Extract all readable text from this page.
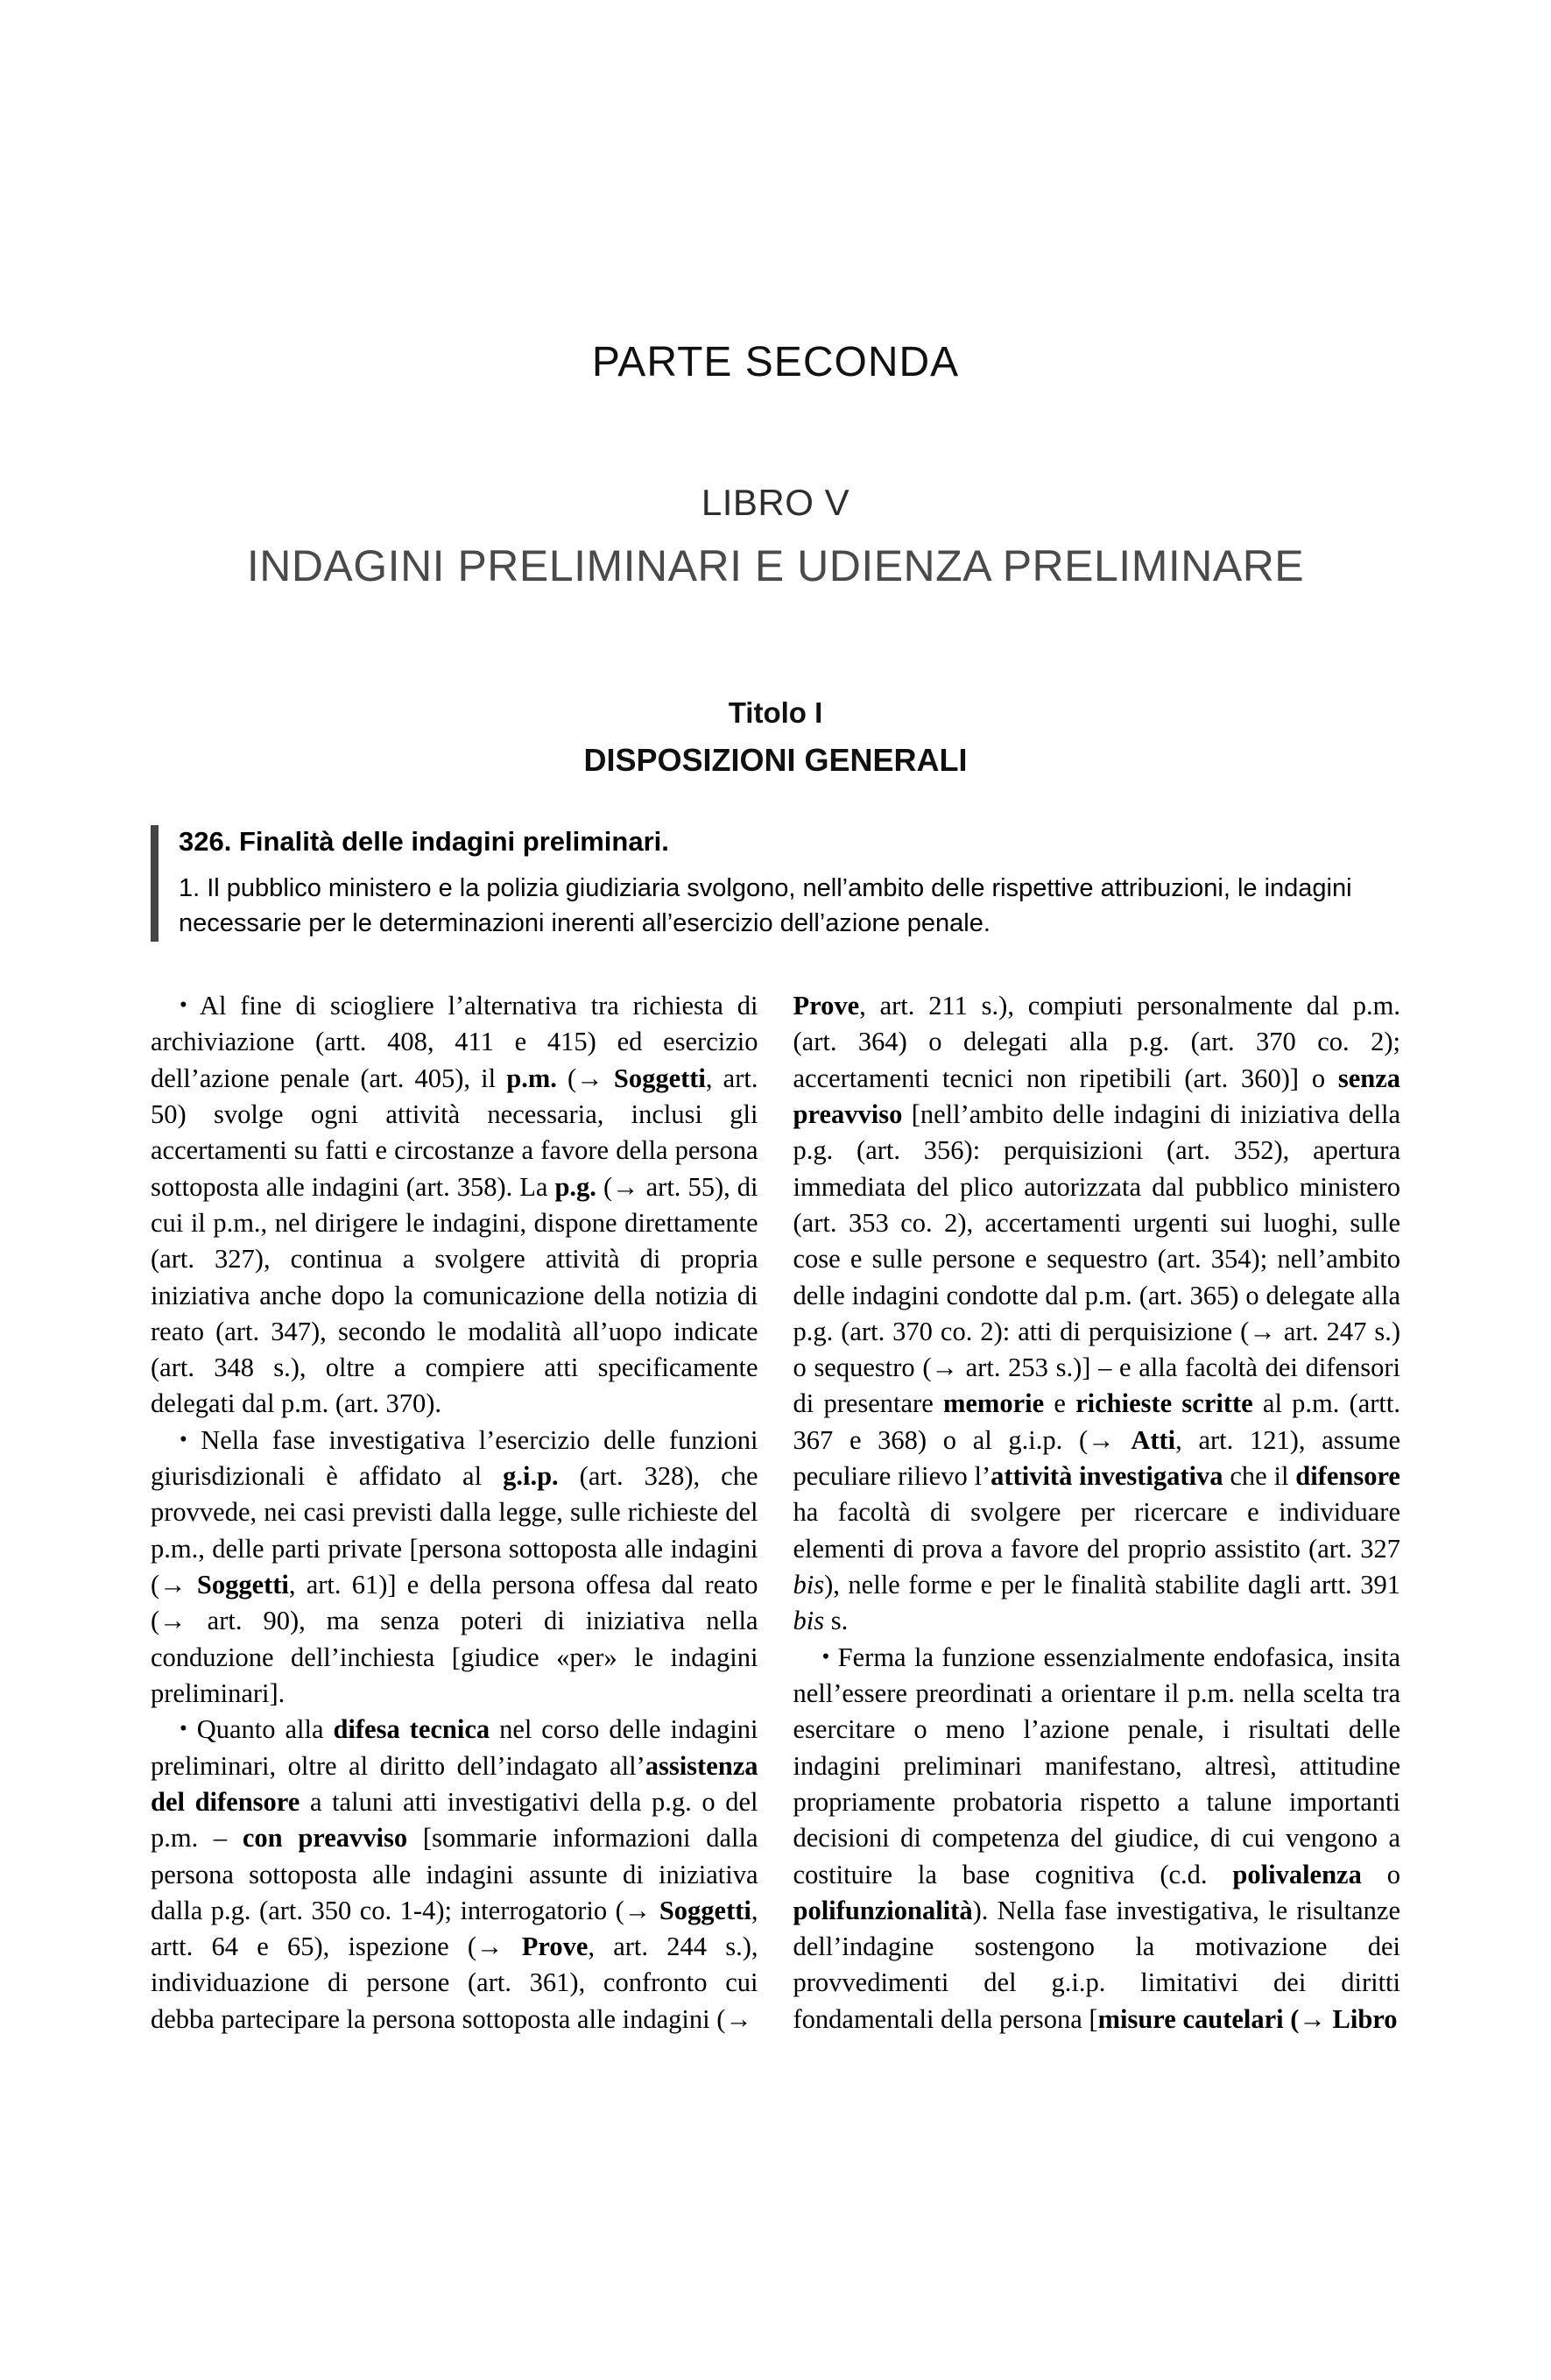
PARTE SECONDA
LIBRO V
INDAGINI PRELIMINARI E UDIENZA PRELIMINARE
Titolo I
DISPOSIZIONI GENERALI
326. Finalità delle indagini preliminari.
1. Il pubblico ministero e la polizia giudiziaria svolgono, nell’ambito delle rispettive attribuzioni, le indagini necessarie per le determinazioni inerenti all’esercizio dell’azione penale.

• Al fine di sciogliere l’alternativa tra richiesta di archiviazione (artt. 408, 411 e 415) ed esercizio dell’azione penale (art. 405), il p.m. (→ Soggetti, art. 50) svolge ogni attività necessaria, inclusi gli accertamenti su fatti e circostanze a favore della persona sottoposta alle indagini (art. 358). La p.g. (→ art. 55), di cui il p.m., nel dirigere le indagini, dispone direttamente (art. 327), continua a svolgere attività di propria iniziativa anche dopo la comunicazione della notizia di reato (art. 347), secondo le modalità all’uopo indicate (art. 348 s.), oltre a compiere atti specificamente delegati dal p.m. (art. 370).

• Nella fase investigativa l’esercizio delle funzioni giurisdizionali è affidato al g.i.p. (art. 328), che provvede, nei casi previsti dalla legge, sulle richieste del p.m., delle parti private [persona sottoposta alle indagini (→ Soggetti, art. 61)] e della persona offesa dal reato (→ art. 90), ma senza poteri di iniziativa nella conduzione dell’inchiesta [giudice «per» le indagini preliminari].

• Quanto alla difesa tecnica nel corso delle indagini preliminari, oltre al diritto dell’indagato all’assistenza del difensore a taluni atti investigativi della p.g. o del p.m. – con preavviso [sommarie informazioni dalla persona sottoposta alle indagini assunte di iniziativa dalla p.g. (art. 350 co. 1-4); interrogatorio (→ Soggetti, artt. 64 e 65), ispezione (→ Prove, art. 244 s.), individuazione di persone (art. 361), confronto cui debba partecipare la persona sottoposta alle indagini (→

Prove, art. 211 s.), compiuti personalmente dal p.m. (art. 364) o delegati alla p.g. (art. 370 co. 2); accertamenti tecnici non ripetibili (art. 360)] o senza preavviso [nell’ambito delle indagini di iniziativa della p.g. (art. 356): perquisizioni (art. 352), apertura immediata del plico autorizzata dal pubblico ministero (art. 353 co. 2), accertamenti urgenti sui luoghi, sulle cose e sulle persone e sequestro (art. 354); nell’ambito delle indagini condotte dal p.m. (art. 365) o delegate alla p.g. (art. 370 co. 2): atti di perquisizione (→ art. 247 s.) o sequestro (→ art. 253 s.)] – e alla facoltà dei difensori di presentare memorie e richieste scritte al p.m. (artt. 367 e 368) o al g.i.p. (→ Atti, art. 121), assume peculiare rilievo l’attività investigativa che il difensore ha facoltà di svolgere per ricercare e individuare elementi di prova a favore del proprio assistito (art. 327 bis), nelle forme e per le finalità stabilite dagli artt. 391 bis s.

• Ferma la funzione essenzialmente endofasica, insita nell’essere preordinati a orientare il p.m. nella scelta tra esercitare o meno l’azione penale, i risultati delle indagini preliminari manifestano, altresì, attitudine propriamente probatoria rispetto a talune importanti decisioni di competenza del giudice, di cui vengono a costituire la base cognitiva (c.d. polivalenza o polifunzionalità). Nella fase investigativa, le risultanze dell’indagine sostengono la motivazione dei provvedimenti del g.i.p. limitativi dei diritti fondamentali della persona [misure cautelari (→ Libro
